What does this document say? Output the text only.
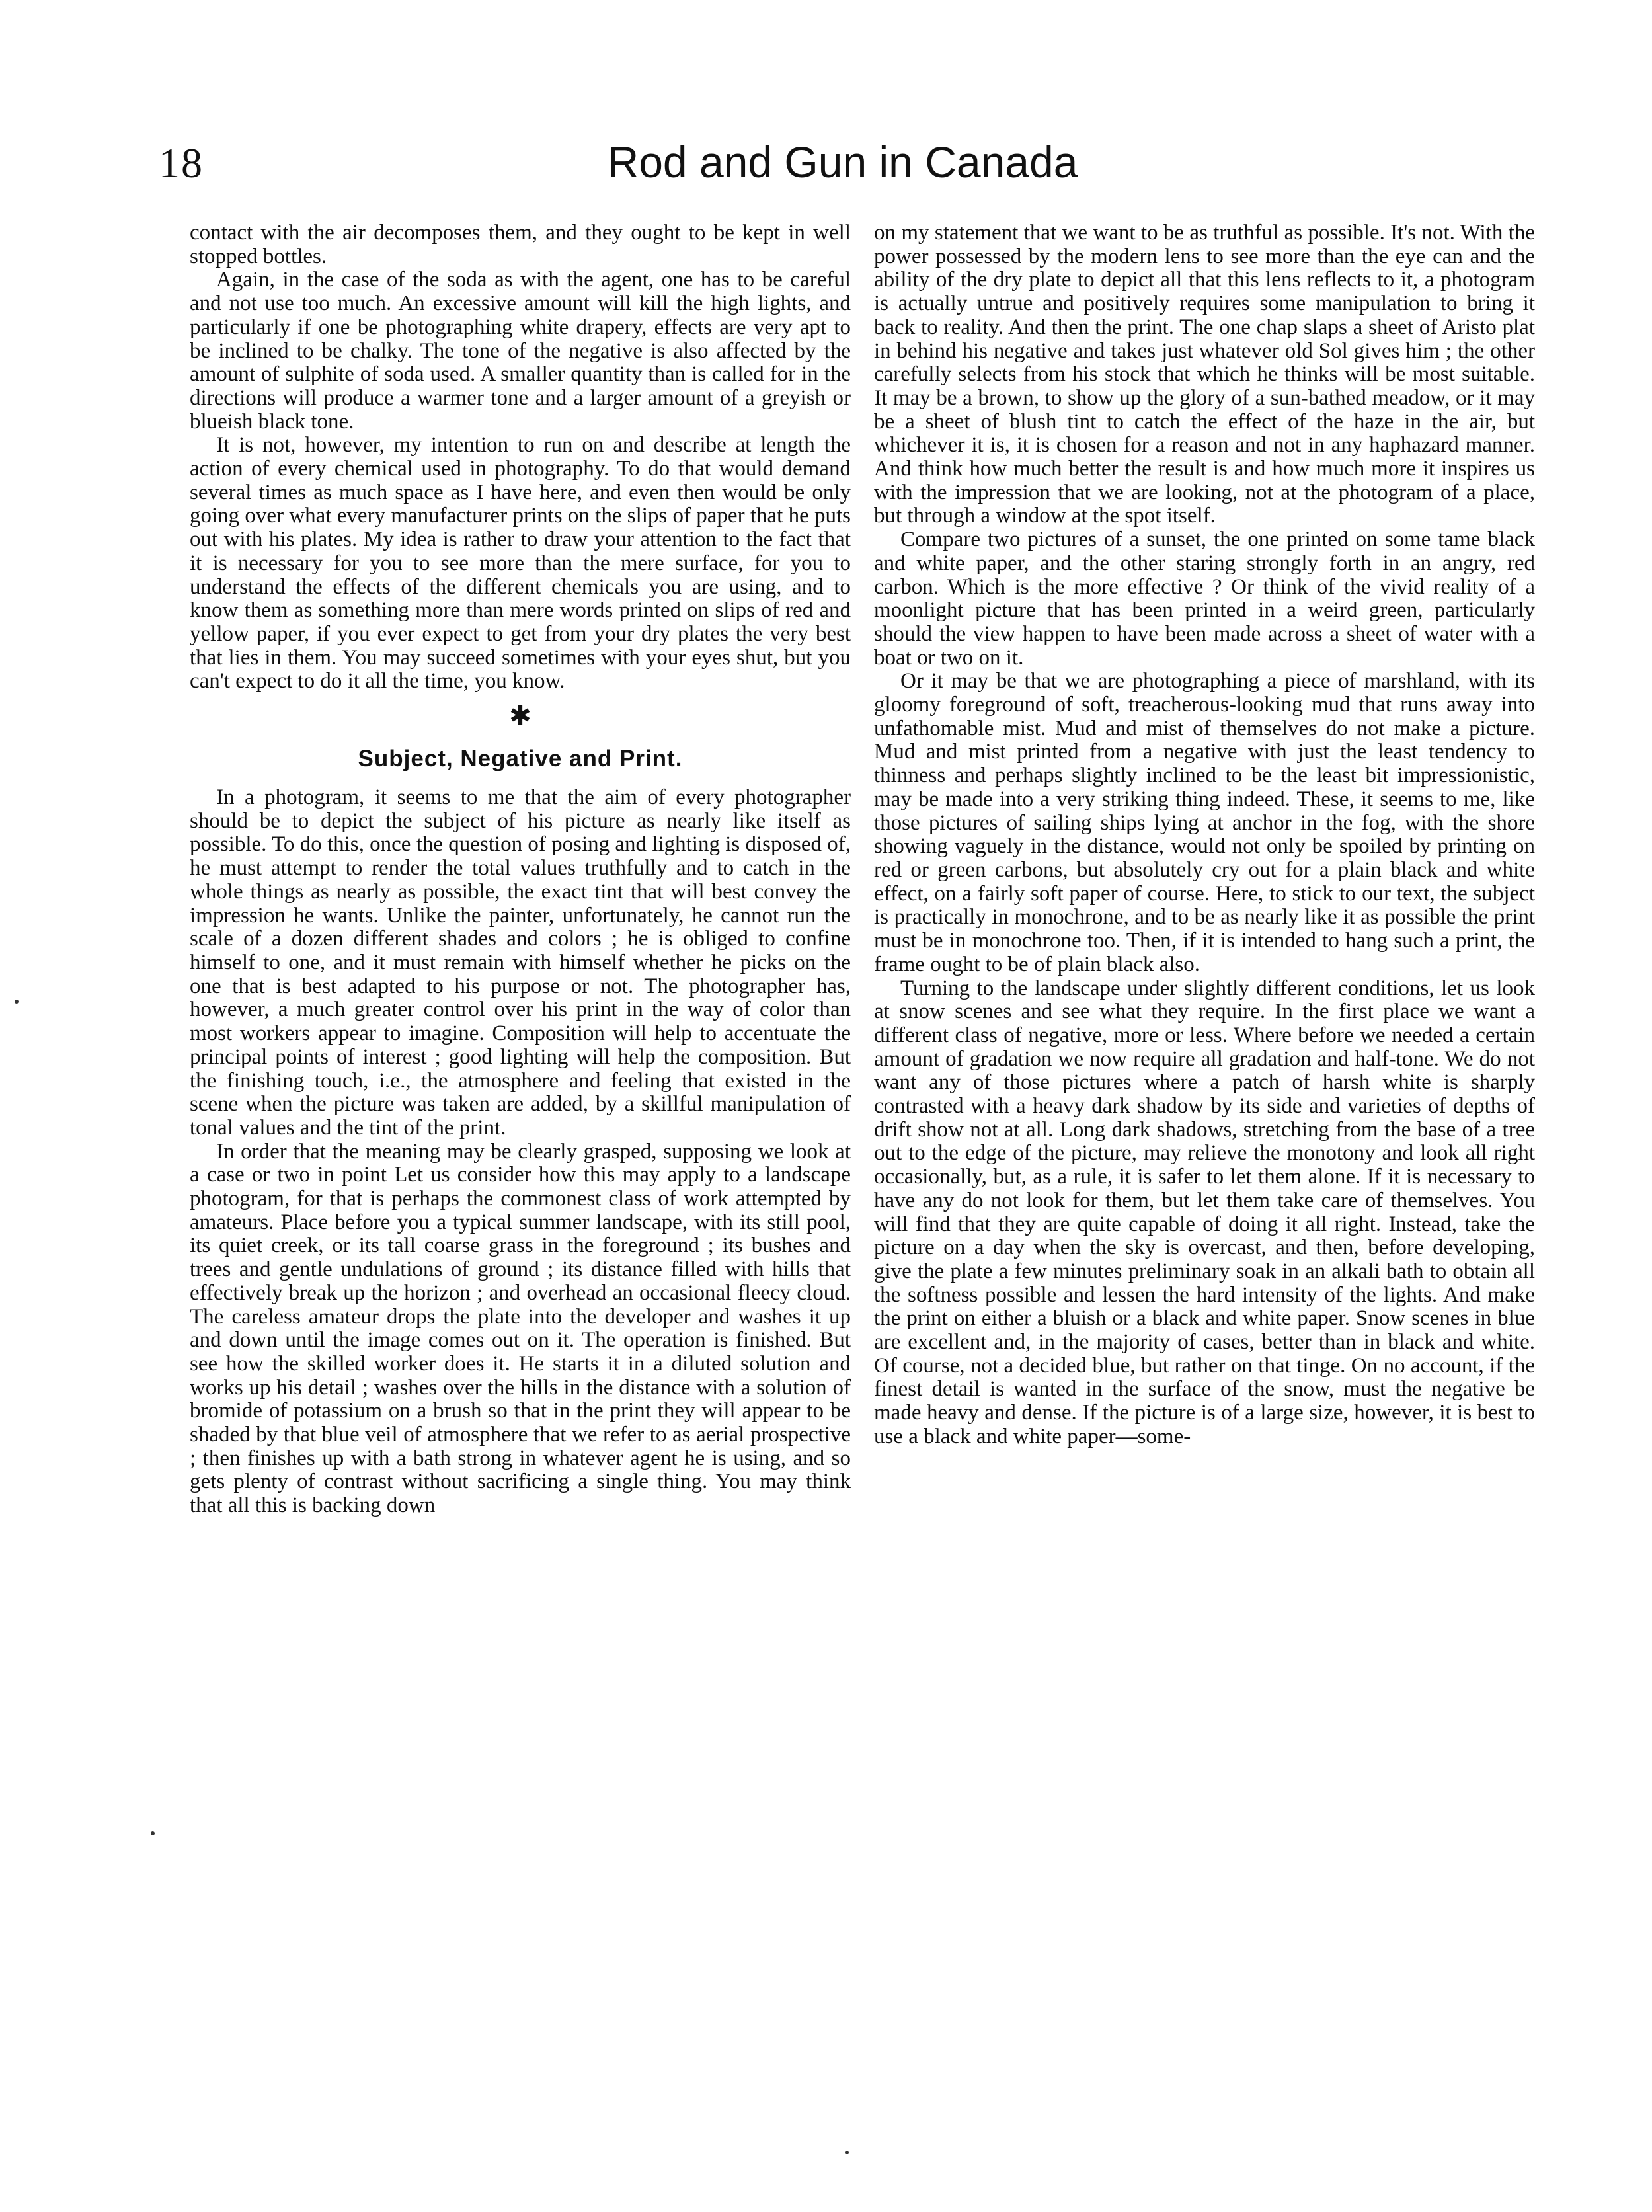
18	Rod and Gun in Canada

contact with the air decomposes them, and they ought to be kept in well stopped bottles.

Again, in the case of the soda as with the agent, one has to be careful and not use too much. An excessive amount will kill the high lights, and particularly if one be photographing white drapery, effects are very apt to be inclined to be chalky. The tone of the negative is also affected by the amount of sulphite of soda used. A smaller quantity than is called for in the directions will produce a warmer tone and a larger amount of a greyish or blueish black tone.

It is not, however, my intention to run on and describe at length the action of every chemical used in photography. To do that would demand several times as much space as I have here, and even then would be only going over what every manufacturer prints on the slips of paper that he puts out with his plates. My idea is rather to draw your attention to the fact that it is necessary for you to see more than the mere surface, for you to understand the effects of the different chemicals you are using, and to know them as something more than mere words printed on slips of red and yellow paper, if you ever expect to get from your dry plates the very best that lies in them. You may succeed sometimes with your eyes shut, but you can't expect to do it all the time, you know.

✱
Subject, Negative and Print.

In a photogram, it seems to me that the aim of every photographer should be to depict the subject of his picture as nearly like itself as possible. To do this, once the question of posing and lighting is disposed of, he must attempt to render the total values truthfully and to catch in the whole things as nearly as possible, the exact tint that will best convey the impression he wants. Unlike the painter, unfortunately, he cannot run the scale of a dozen different shades and colors ; he is obliged to confine himself to one, and it must remain with himself whether he picks on the one that is best adapted to his purpose or not. The photographer has, however, a much greater control over his print in the way of color than most workers appear to imagine. Composition will help to accentuate the principal points of interest ; good lighting will help the composition. But the finishing touch, i.e., the atmosphere and feeling that existed in the scene when the picture was taken are added, by a skillful manipulation of tonal values and the tint of the print.

In order that the meaning may be clearly grasped, supposing we look at a case or two in point Let us consider how this may apply to a landscape photogram, for that is perhaps the commonest class of work attempted by amateurs. Place before you a typical summer landscape, with its still pool, its quiet creek, or its tall coarse grass in the foreground ; its bushes and trees and gentle undulations of ground ; its distance filled with hills that effectively break up the horizon ; and overhead an occasional fleecy cloud. The careless amateur drops the plate into the developer and washes it up and down until the image comes out on it. The operation is finished. But see how the skilled worker does it. He starts it in a diluted solution and works up his detail ; washes over the hills in the distance with a solution of bromide of potassium on a brush so that in the print they will appear to be shaded by that blue veil of atmosphere that we refer to as aerial prospective ; then finishes up with a bath strong in whatever agent he is using, and so gets plenty of contrast without sacrificing a single thing. You may think that all this is backing down

on my statement that we want to be as truthful as possible. It's not. With the power possessed by the modern lens to see more than the eye can and the ability of the dry plate to depict all that this lens reflects to it, a photogram is actually untrue and positively requires some manipulation to bring it back to reality. And then the print. The one chap slaps a sheet of Aristo plat in behind his negative and takes just whatever old Sol gives him ; the other carefully selects from his stock that which he thinks will be most suitable. It may be a brown, to show up the glory of a sun-bathed meadow, or it may be a sheet of blush tint to catch the effect of the haze in the air, but whichever it is, it is chosen for a reason and not in any haphazard manner. And think how much better the result is and how much more it inspires us with the impression that we are looking, not at the photogram of a place, but through a window at the spot itself.

Compare two pictures of a sunset, the one printed on some tame black and white paper, and the other staring strongly forth in an angry, red carbon. Which is the more effective ? Or think of the vivid reality of a moonlight picture that has been printed in a weird green, particularly should the view happen to have been made across a sheet of water with a boat or two on it.

Or it may be that we are photographing a piece of marshland, with its gloomy foreground of soft, treacherous-looking mud that runs away into unfathomable mist. Mud and mist of themselves do not make a picture. Mud and mist printed from a negative with just the least tendency to thinness and perhaps slightly inclined to be the least bit impressionistic, may be made into a very striking thing indeed. These, it seems to me, like those pictures of sailing ships lying at anchor in the fog, with the shore showing vaguely in the distance, would not only be spoiled by printing on red or green carbons, but absolutely cry out for a plain black and white effect, on a fairly soft paper of course. Here, to stick to our text, the subject is practically in monochrone, and to be as nearly like it as possible the print must be in monochrone too. Then, if it is intended to hang such a print, the frame ought to be of plain black also.

Turning to the landscape under slightly different conditions, let us look at snow scenes and see what they require. In the first place we want a different class of negative, more or less. Where before we needed a certain amount of gradation we now require all gradation and half-tone. We do not want any of those pictures where a patch of harsh white is sharply contrasted with a heavy dark shadow by its side and varieties of depths of drift show not at all. Long dark shadows, stretching from the base of a tree out to the edge of the picture, may relieve the monotony and look all right occasionally, but, as a rule, it is safer to let them alone. If it is necessary to have any do not look for them, but let them take care of themselves. You will find that they are quite capable of doing it all right. Instead, take the picture on a day when the sky is overcast, and then, before developing, give the plate a few minutes preliminary soak in an alkali bath to obtain all the softness possible and lessen the hard intensity of the lights. And make the print on either a bluish or a black and white paper. Snow scenes in blue are excellent and, in the majority of cases, better than in black and white. Of course, not a decided blue, but rather on that tinge. On no account, if the finest detail is wanted in the surface of the snow, must the negative be made heavy and dense. If the picture is of a large size, however, it is best to use a black and white paper—some-
